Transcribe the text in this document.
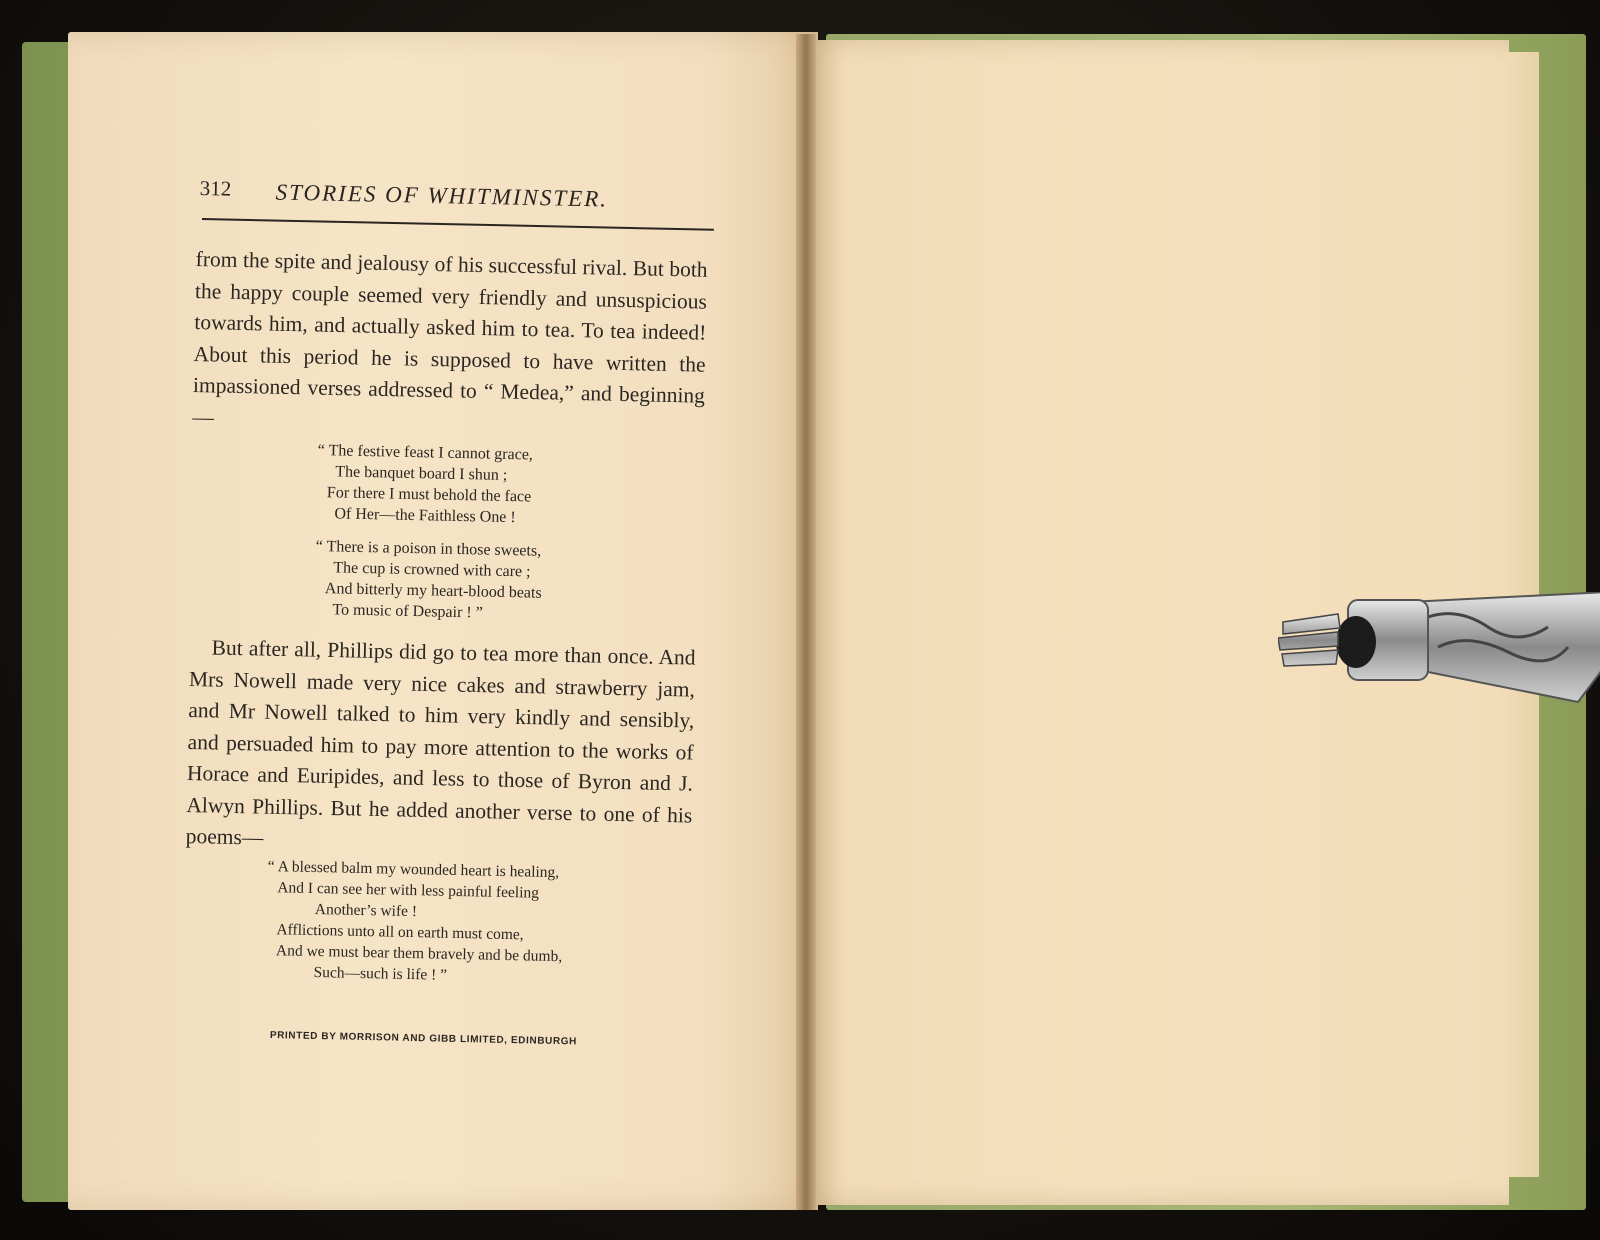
312 STORIES OF WHITMINSTER.

from the spite and jealousy of his successful rival. But both the happy couple seemed very friendly and unsuspicious towards him, and actually asked him to tea. To tea indeed! About this period he is supposed to have written the impassioned verses addressed to “ Medea,” and beginning—

“ The festive feast I cannot grace,
The banquet board I shun ;
For there I must behold the face
Of Her—the Faithless One !
“ There is a poison in those sweets,
The cup is crowned with care ;
And bitterly my heart-blood beats
To music of Despair ! ”

But after all, Phillips did go to tea more than once. And Mrs Nowell made very nice cakes and strawberry jam, and Mr Nowell talked to him very kindly and sensibly, and persuaded him to pay more attention to the works of Horace and Euripides, and less to those of Byron and J. Alwyn Phillips. But he added another verse to one of his poems—

“ A blessed balm my wounded heart is healing,
And I can see her with less painful feeling
Another’s wife !
Afflictions unto all on earth must come,
And we must bear them bravely and be dumb,
Such—such is life ! ”
PRINTED BY MORRISON AND GIBB LIMITED, EDINBURGH
